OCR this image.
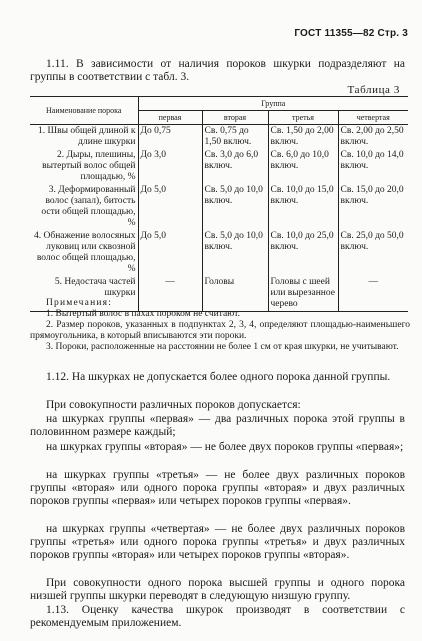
ГОСТ 11355—82 Стр. 3
1.11. В зависимости от наличия пороков шкурки подразделяют на группы в соответствии с табл. 3.
Таблица 3
Наименование порока	Группа			
	первая	вторая	третья	четвертая
1. Швы общей длиной к длине шкурки	До 0,75	Св. 0,75 до 1,50 включ.	Св. 1,50 до 2,00 включ.	Св. 2,00 до 2,50 включ.
2. Дыры, плешины, вытертый волос общей площадью, %	До 3,0	Св. 3,0 до 6,0 включ.	Св. 6,0 до 10,0 включ.	Св. 10,0 до 14,0 включ.
3. Деформированный волос (запал), битость ости общей площадью, %	До 5,0	Св. 5,0 до 10,0 включ.	Св. 10,0 до 15,0 включ.	Св. 15,0 до 20,0 включ.
4. Обнажение волосяных луковиц или сквозной волос общей площадью, %	До 5,0	Св. 5,0 до 10,0 включ.	Св. 10,0 до 25,0 включ.	Св. 25,0 до 50,0 включ.
5. Недостача частей шкурки	—	Головы	Головы с шеей или вырезанное черево	—
Примечания:
1. Вытертый волос в пахах пороком не считают.
2. Размер пороков, указанных в подпунктах 2, 3, 4, определяют площадью-наименьшего прямоугольника, в который вписываются эти пороки.
3. Пороки, расположенные на расстоянии не более 1 см от края шкурки, не учитывают.
1.12. На шкурках не допускается более одного порока данной группы.
При совокупности различных пороков допускается:
на шкурках группы «первая» — два различных порока этой группы в половинном размере каждый;
на шкурках группы «вторая» — не более двух пороков группы «первая»;
на шкурках группы «третья» — не более двух различных пороков группы «вторая» или одного порока группы «вторая» и двух различных пороков группы «первая» или четырех пороков группы «первая».
на шкурках группы «четвертая» — не более двух различных пороков группы «третья» или одного порока группы «третья» и двух различных пороков группы «вторая» или четырех пороков группы «вторая».
При совокупности одного порока высшей группы и одного порока низшей группы шкурки переводят в следующую низшую группу.
1.13. Оценку качества шкурок производят в соответствии с рекомендуемым приложением.
